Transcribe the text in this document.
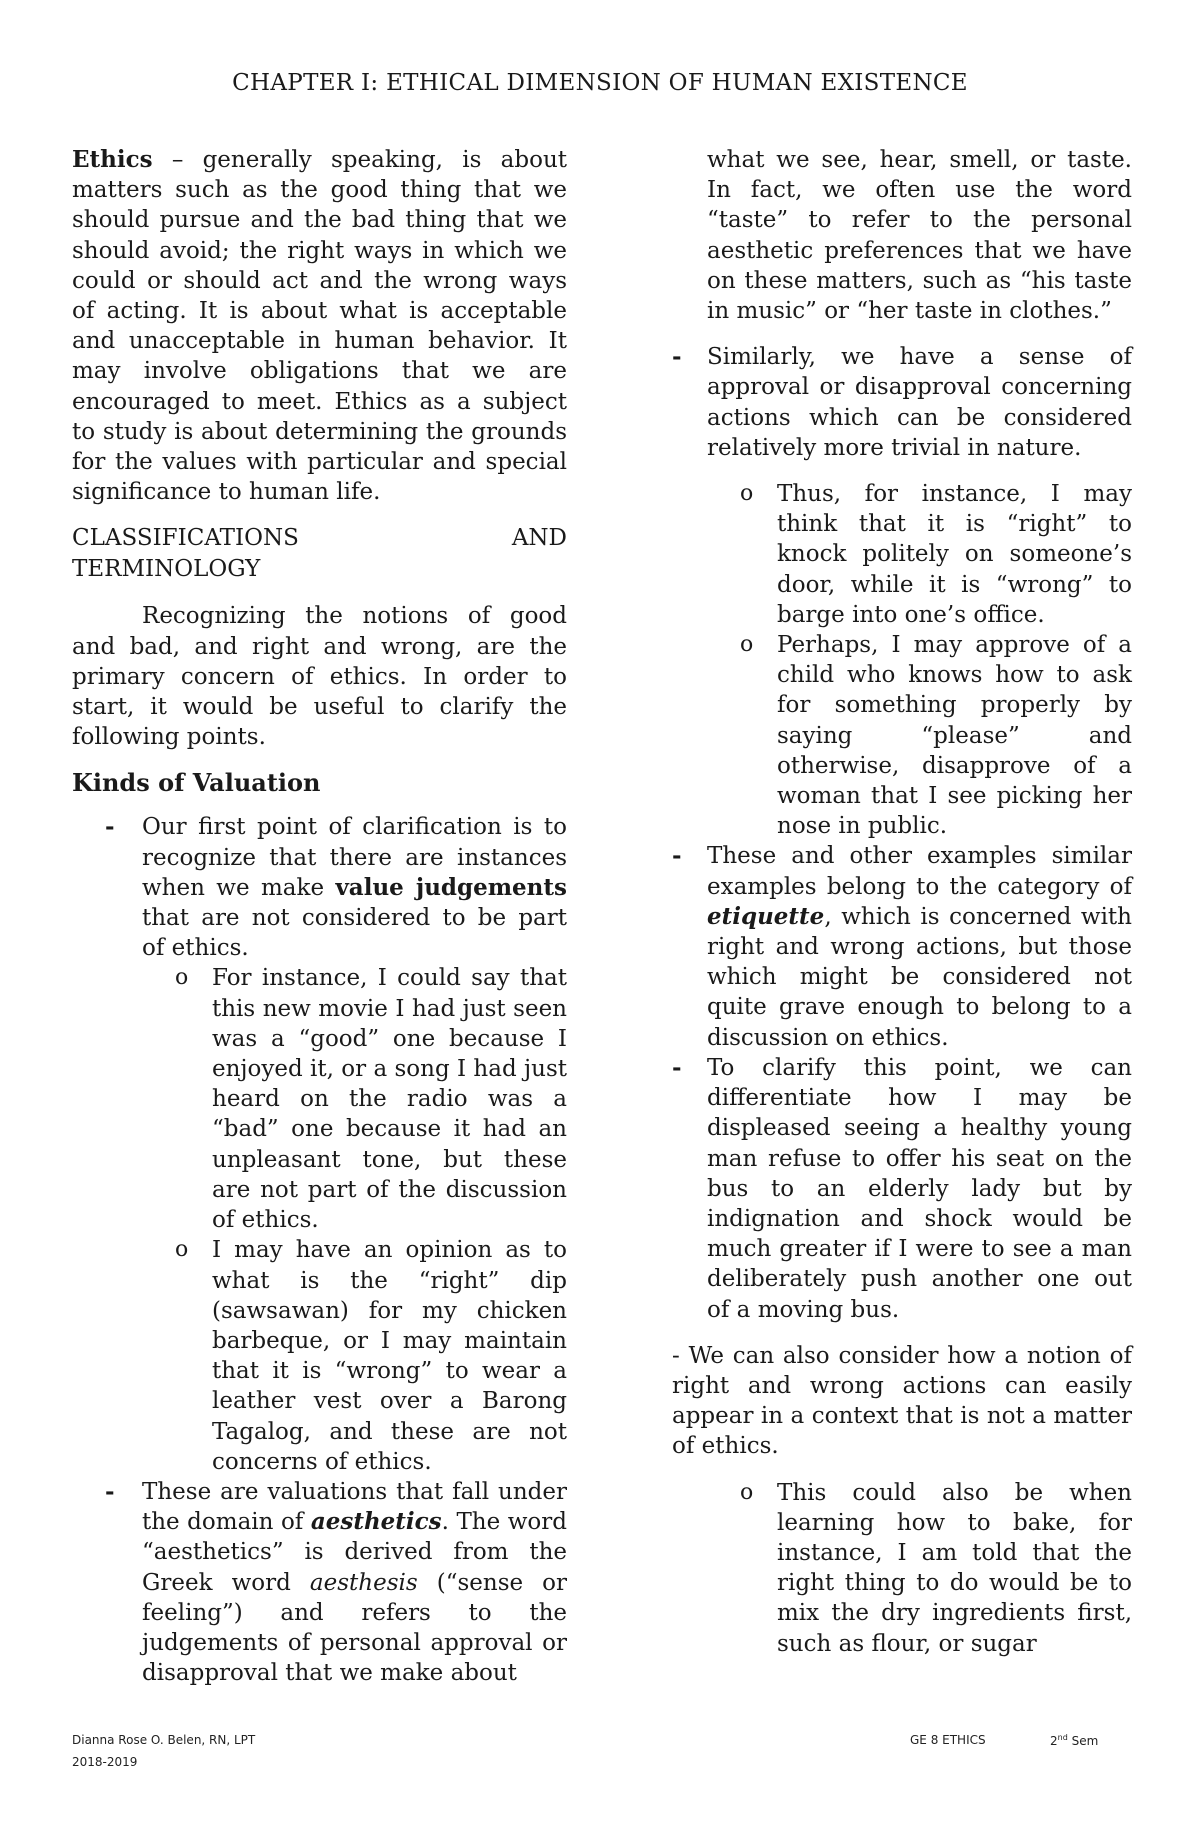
CHAPTER I: ETHICAL DIMENSION OF HUMAN EXISTENCE

Ethics – generally speaking, is about matters such as the good thing that we should pursue and the bad thing that we should avoid; the right ways in which we could or should act and the wrong ways of acting. It is about what is acceptable and unacceptable in human behavior. It may involve obligations that we are encouraged to meet. Ethics as a subject to study is about determining the grounds for the values with particular and special significance to human life.

CLASSIFICATIONS	AND
TERMINOLOGY

Recognizing the notions of good and bad, and right and wrong, are the primary concern of ethics. In order to start, it would be useful to clarify the following points.

Kinds of Valuation

- Our first point of clarification is to recognize that there are instances when we make value judgements that are not considered to be part of ethics.
o For instance, I could say that this new movie I had just seen was a “good” one because I enjoyed it, or a song I had just heard on the radio was a “bad” one because it had an unpleasant tone, but these are not part of the discussion of ethics.
o I may have an opinion as to what is the “right” dip (sawsawan) for my chicken barbeque, or I may maintain that it is “wrong” to wear a leather vest over a Barong Tagalog, and these are not concerns of ethics.
- These are valuations that fall under the domain of aesthetics. The word “aesthetics” is derived from the Greek word aesthesis (“sense or feeling”) and refers to the judgements of personal approval or disapproval that we make about

what we see, hear, smell, or taste. In fact, we often use the word “taste” to refer to the personal aesthetic preferences that we have on these matters, such as “his taste in music” or “her taste in clothes.”

- Similarly, we have a sense of approval or disapproval concerning actions which can be considered relatively more trivial in nature.
o Thus, for instance, I may think that it is “right” to knock politely on someone’s door, while it is “wrong” to barge into one’s office.
o Perhaps, I may approve of a child who knows how to ask for something properly by saying “please” and otherwise, disapprove of a woman that I see picking her nose in public.
- These and other examples similar examples belong to the category of etiquette, which is concerned with right and wrong actions, but those which might be considered not quite grave enough to belong to a discussion on ethics.
- To clarify this point, we can differentiate how I may be displeased seeing a healthy young man refuse to offer his seat on the bus to an elderly lady but by indignation and shock would be much greater if I were to see a man deliberately push another one out of a moving bus.

- We can also consider how a notion of right and wrong actions can easily appear in a context that is not a matter of ethics.

o This could also be when learning how to bake, for instance, I am told that the right thing to do would be to mix the dry ingredients first, such as flour, or sugar
Dianna Rose O. Belen, RN, LPT
2018-2019
GE 8 ETHICS	2nd Sem
